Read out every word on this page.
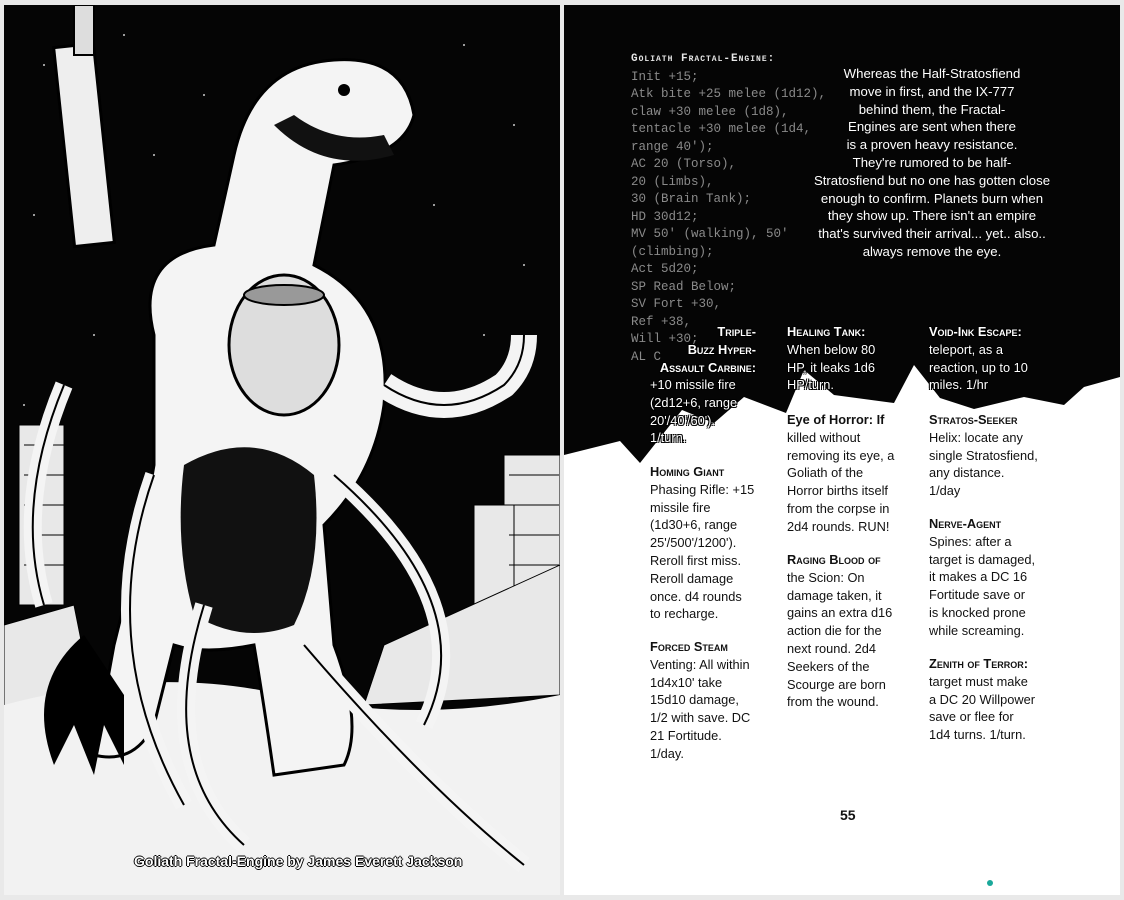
Goliath Fractal-Engine by James Everett Jackson
Goliath Fractal-Engine:
Init +15;
Atk bite +25 melee (1d12),
claw +30 melee (1d8),
tentacle +30 melee (1d4,
range 40');
AC 20 (Torso),
20 (Limbs),
30 (Brain Tank);
HD 30d12;
MV 50' (walking), 50'
(climbing);
Act 5d20;
SP Read Below;
SV Fort +30,
Ref +38,
Will +30;
AL C
Whereas the Half-Stratosfiend
move in first, and the IX-777
behind them, the Fractal-
Engines are sent when there
is a proven heavy resistance.
They're rumored to be half-
Stratosfiend but no one has gotten close
enough to confirm. Planets burn when
they show up. There isn't an empire
that's survived their arrival... yet.. also..
always remove the eye.
Triple-
Buzz Hyper-
Assault Carbine:
+10 missile fire
(2d12+6, range
20'/40'/60').
1/turn.
Healing Tank:
When below 80
HP, it leaks 1d6
HP/turn.
Void-Ink Escape:
teleport, as a
reaction, up to 10
miles. 1/hr
Homing Giant
Phasing Rifle: +15
missile fire
(1d30+6, range
25'/500'/1200').
Reroll first miss.
Reroll damage
once. d4 rounds
to recharge.
Forced Steam
Venting: All within
1d4x10' take
15d10 damage,
1/2 with save. DC
21 Fortitude.
1/day.
Eye of Horror: If
killed without
removing its eye, a
Goliath of the
Horror births itself
from the corpse in
2d4 rounds. RUN!
Raging Blood of
the Scion: On
damage taken, it
gains an extra d16
action die for the
next round. 2d4
Seekers of the
Scourge are born
from the wound.
Stratos-Seeker
Helix: locate any
single Stratosfiend,
any distance.
1/day
Nerve-Agent
Spines: after a
target is damaged,
it makes a DC 16
Fortitude save or
is knocked prone
while screaming.
Zenith of Terror:
target must make
a DC 20 Willpower
save or flee for
1d4 turns. 1/turn.
55
